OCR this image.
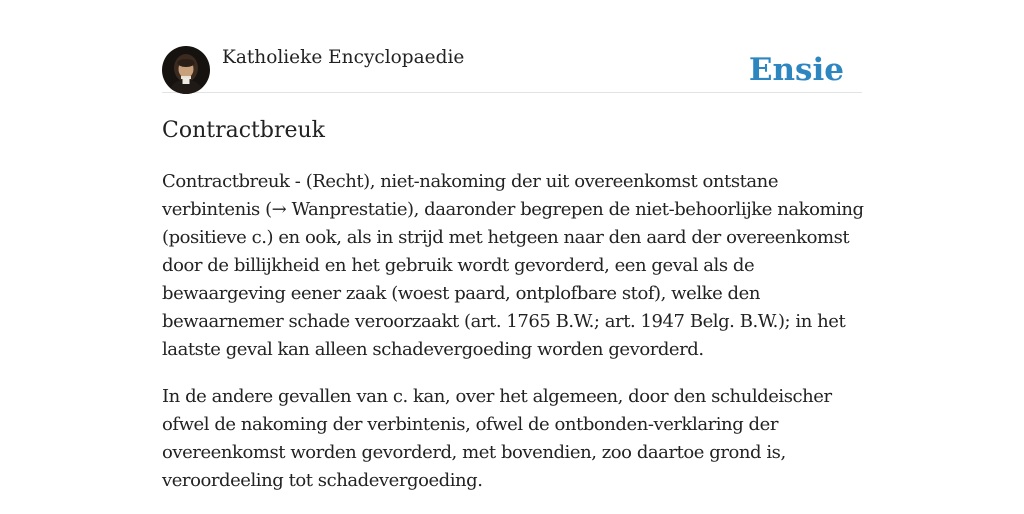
Katholieke Encyclopaedie	Ensie
Contractbreuk

Contractbreuk - (Recht), niet-nakoming der uit overeenkomst ontstane
verbintenis (→ Wanprestatie), daaronder begrepen de niet-behoorlijke nakoming
(positieve c.) en ook, als in strijd met hetgeen naar den aard der overeenkomst
door de billijkheid en het gebruik wordt gevorderd, een geval als de
bewaargeving eener zaak (woest paard, ontplofbare stof), welke den
bewaarnemer schade veroorzaakt (art. 1765 B.W.; art. 1947 Belg. B.W.); in het
laatste geval kan alleen schadevergoeding worden gevorderd.

In de andere gevallen van c. kan, over het algemeen, door den schuldeischer
ofwel de nakoming der verbintenis, ofwel de ontbonden-verklaring der
overeenkomst worden gevorderd, met bovendien, zoo daartoe grond is,
veroordeeling tot schadevergoeding.
